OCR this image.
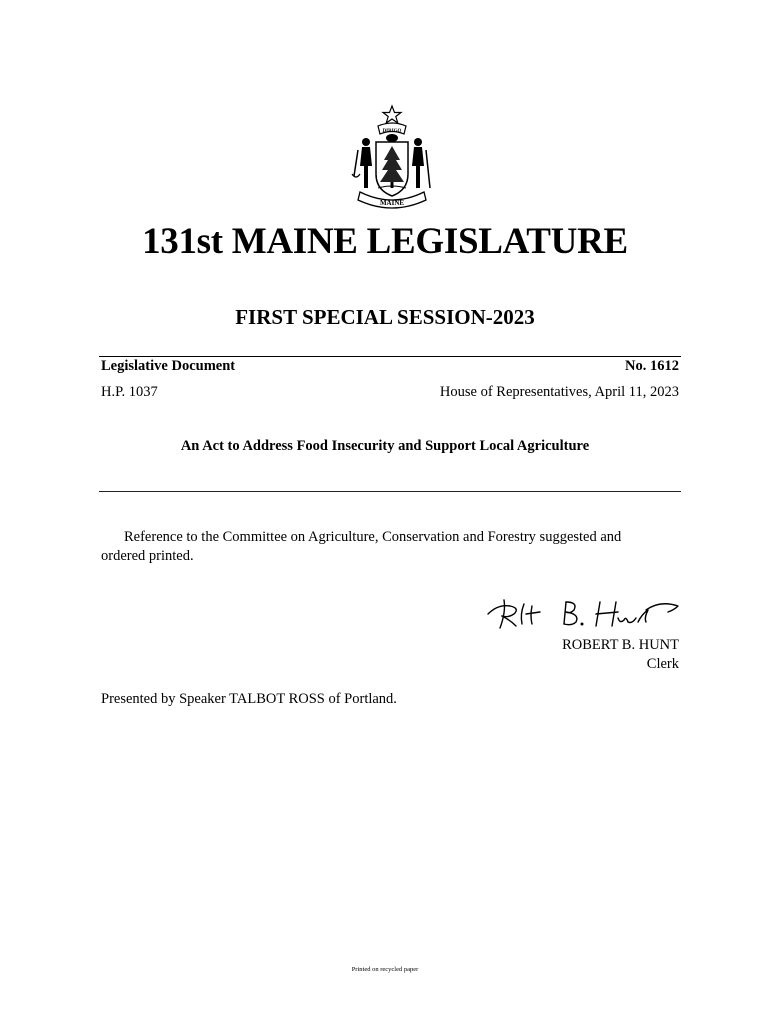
DIRIGO
MAINE
131st MAINE LEGISLATURE
FIRST SPECIAL SESSION-2023
Legislative Document	No. 1612
H.P. 1037	House of Representatives, April 11, 2023
An Act to Address Food Insecurity and Support Local Agriculture
Reference to the Committee on Agriculture, Conservation and Forestry suggested and ordered printed.
ROBERT B. HUNT
Clerk
Presented by Speaker TALBOT ROSS of Portland.
Printed on recycled paper
